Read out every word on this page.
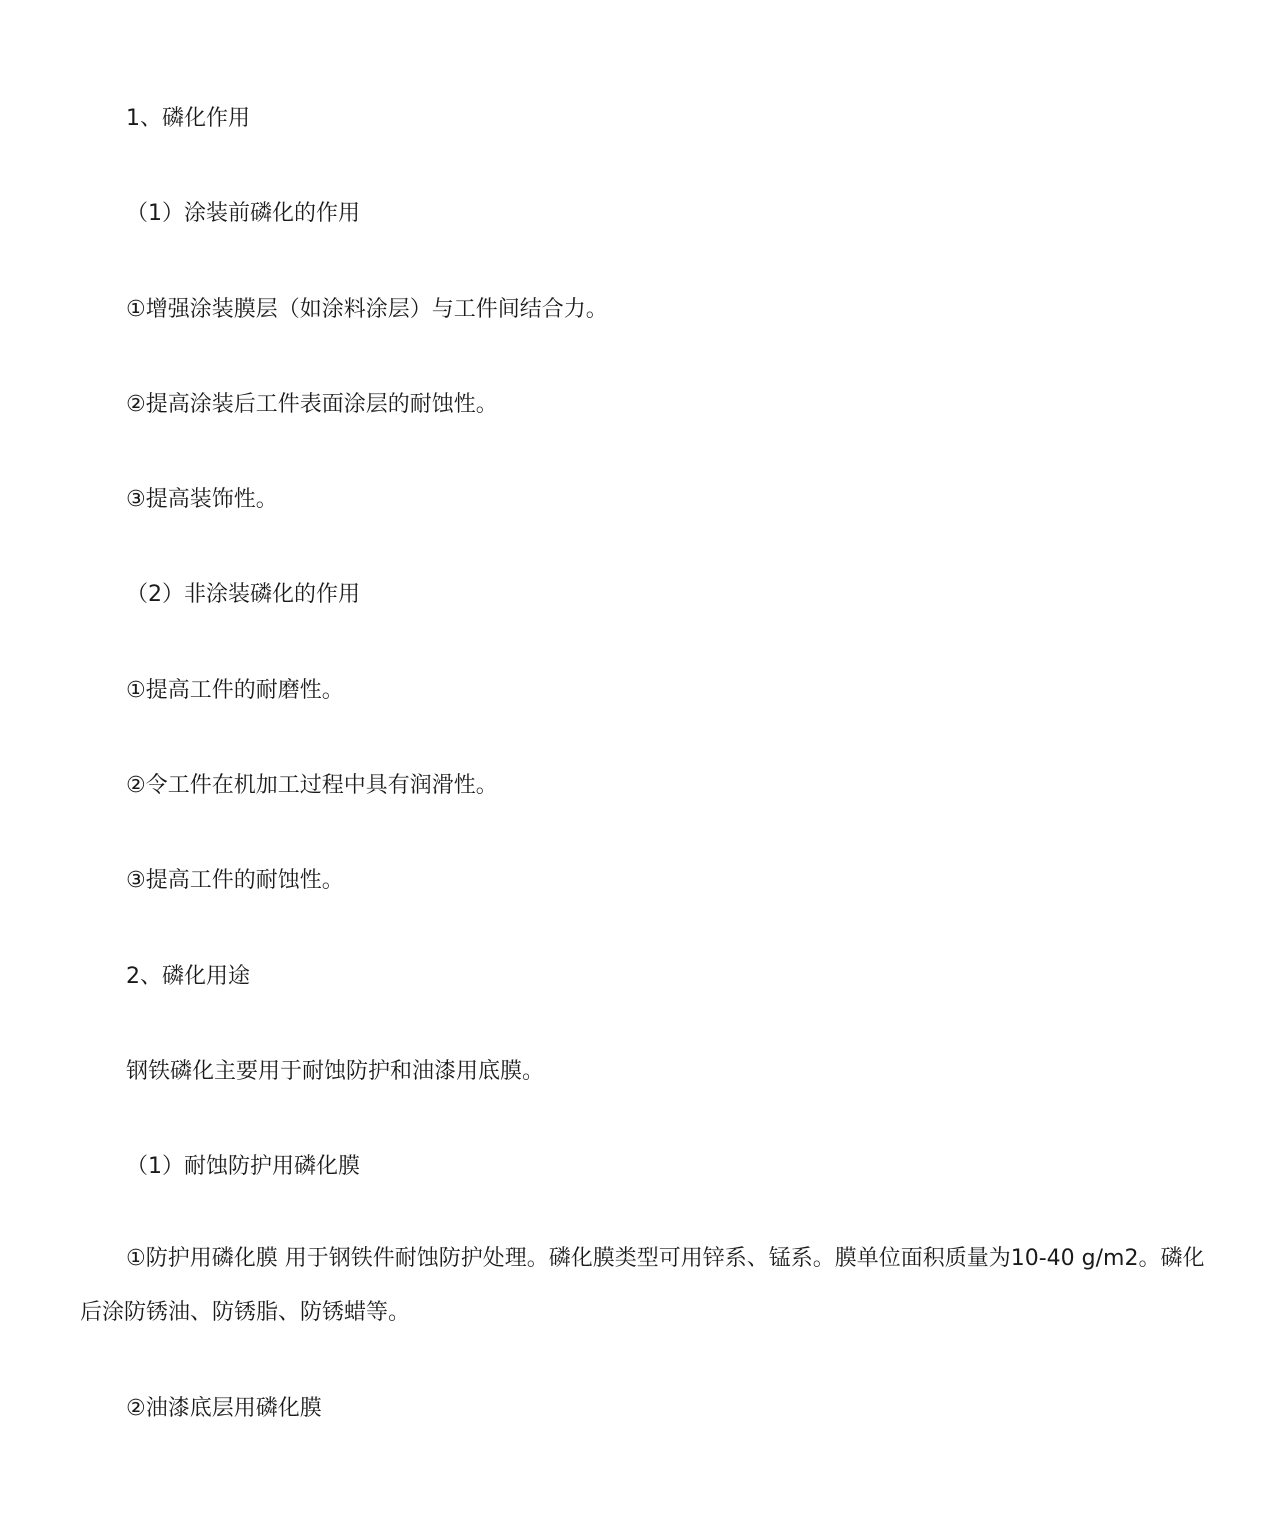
1、磷化作用

（1）涂装前磷化的作用

①增强涂装膜层（如涂料涂层）与工件间结合力。

②提高涂装后工件表面涂层的耐蚀性。

③提高装饰性。

（2）非涂装磷化的作用

①提高工件的耐磨性。

②令工件在机加工过程中具有润滑性。

③提高工件的耐蚀性。

2、磷化用途

钢铁磷化主要用于耐蚀防护和油漆用底膜。

（1）耐蚀防护用磷化膜

①防护用磷化膜 用于钢铁件耐蚀防护处理。磷化膜类型可用锌系、锰系。膜单位面积质量为10-40 g/m2。磷化后涂防锈油、防锈脂、防锈蜡等。

②油漆底层用磷化膜
